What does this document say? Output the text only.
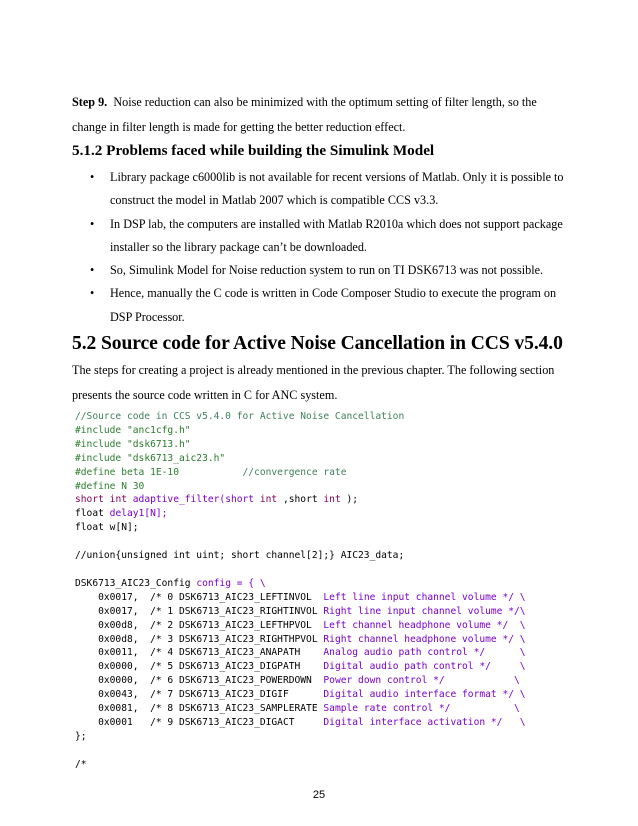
Step 9. Noise reduction can also be minimized with the optimum setting of filter length, so the change in filter length is made for getting the better reduction effect.

5.1.2 Problems faced while building the Simulink Model
• Library package c6000lib is not available for recent versions of Matlab. Only it is possible to construct the model in Matlab 2007 which is compatible CCS v3.3.
• In DSP lab, the computers are installed with Matlab R2010a which does not support package installer so the library package can’t be downloaded.
• So, Simulink Model for Noise reduction system to run on TI DSK6713 was not possible.
• Hence, manually the C code is written in Code Composer Studio to execute the program on DSP Processor.
5.2 Source code for Active Noise Cancellation in CCS v5.4.0

The steps for creating a project is already mentioned in the previous chapter. The following section presents the source code written in C for ANC system.

//Source code in CCS v5.4.0 for Active Noise Cancellation
#include "anc1cfg.h"
#include "dsk6713.h"
#include "dsk6713_aic23.h"
#define beta 1E-10	//convergence rate
#define N 30
short int adaptive_filter(short int ,short int );
float delay1[N];
float w[N];

//union{unsigned int uint; short channel[2];} AIC23_data;

DSK6713_AIC23_Config config = { \
0x0017, /* 0 DSK6713_AIC23_LEFTINVOL  Left line input channel volume */ \
0x0017, /* 1 DSK6713_AIC23_RIGHTINVOL Right line input channel volume */\
0x00d8, /* 2 DSK6713_AIC23_LEFTHPVOL  Left channel headphone volume */  \
0x00d8, /* 3 DSK6713_AIC23_RIGHTHPVOL Right channel headphone volume */ \
0x0011, /* 4 DSK6713_AIC23_ANAPATH    Analog audio path control */      \
0x0000, /* 5 DSK6713_AIC23_DIGPATH    Digital audio path control */     \
0x0000, /* 6 DSK6713_AIC23_POWERDOWN  Power down control */            \
0x0043, /* 7 DSK6713_AIC23_DIGIF      Digital audio interface format */ \
0x0081, /* 8 DSK6713_AIC23_SAMPLERATE Sample rate control */           \
0x0001   /* 9 DSK6713_AIC23_DIGACT     Digital interface activation */   \
};

/*
25
